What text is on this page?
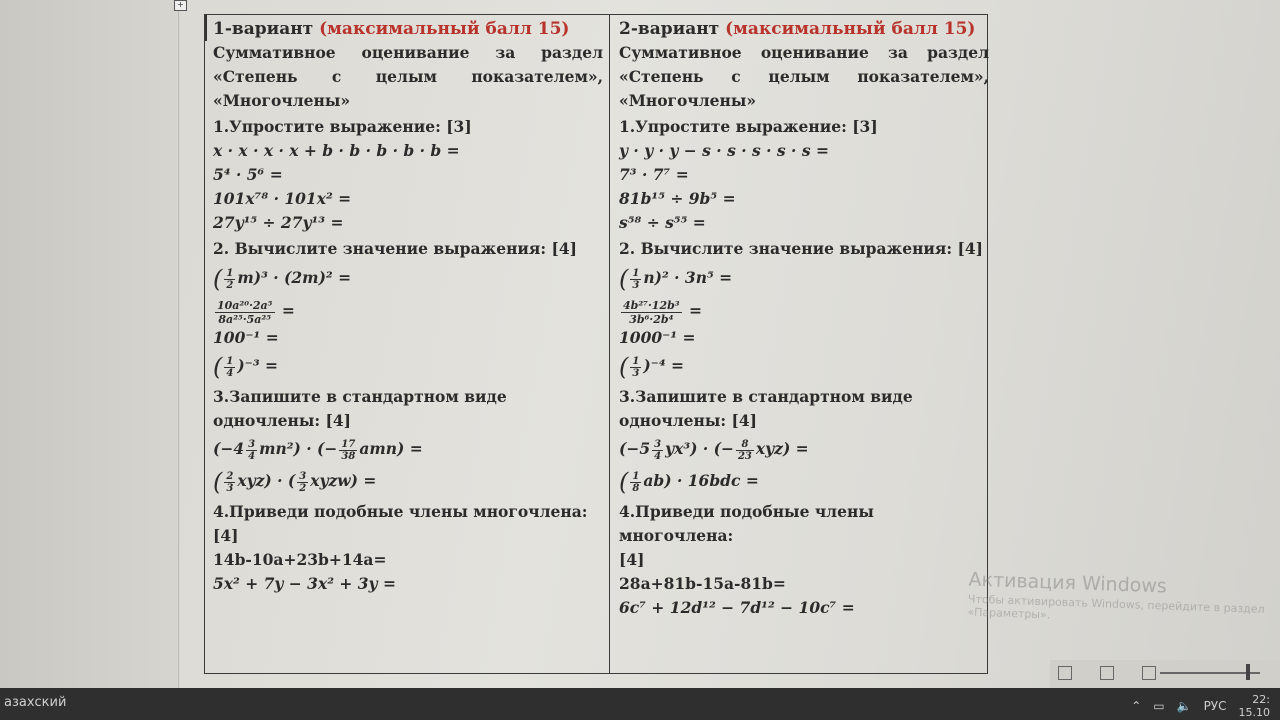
+
1-вариант (максимальный балл 15)
Суммативное оценивание за раздел
«Степень с целым показателем»,
«Многочлены»
1.Упростите выражение: [3]
x · x · x · x + b · b · b · b · b =
5⁴ · 5⁶ =
101x⁷⁸ · 101x² =
27y¹⁵ ÷ 27y¹³ =
2. Вычислите значение выражения: [4]
( $\frac{1}{2} m)^3 \cdot (2m)^2$ =
$\frac{\text{10a²⁰·2a⁵}}{\text{8a²⁵·5a²⁵}}$ =
100⁻¹ =
( $\frac{1}{4} )^{-3}$ =
3.Запишите в стандартном виде
одночлены: [4]
$(-4 \frac{3}{4} mn^2)$ · (− $\frac{17}{38} amn$) =
( $\frac{2}{3} xyz$) · ( $\frac{3}{2}$ xyzw) =
4.Приведи подобные члены многочлена:
[4]
14b-10a+23b+14a=
5x² + 7y − 3x² + 3y =
2-вариант (максимальный балл 15)
Суммативное оценивание за раздел
«Степень с целым показателем»,
«Многочлены»
1.Упростите выражение: [3]
y · y · y − s · s · s · s · s =
7³ · 7⁷ =
81b¹⁵ ÷ 9b⁵ =
s⁵⁸ ÷ s⁵⁵ =
2. Вычислите значение выражения: [4]
( $\frac{1}{3} n)^2 \cdot 3n^5$ =
$\frac{\text{4b²⁷·12b³}}{\text{3b⁶·2b⁴}}$ =
1000⁻¹ =
( $\frac{1}{3} )^{-4}$ =
3.Запишите в стандартном виде
одночлены: [4]
$(-5 \frac{3}{4} yx^3)$ · (− $\frac{8}{23} xyz$) =
( $\frac{1}{8} ab) \cdot 16bdc$ =
4.Приведи подобные члены многочлена:
[4]
28a+81b-15a-81b=
6c⁷ + 12d¹² − 7d¹² − 10c⁷ =
Активация Windows
Чтобы активировать Windows, перейдите в раздел «Параметры».
азахский	⌃ ▭ 🔈 РУС	22:
15.10
